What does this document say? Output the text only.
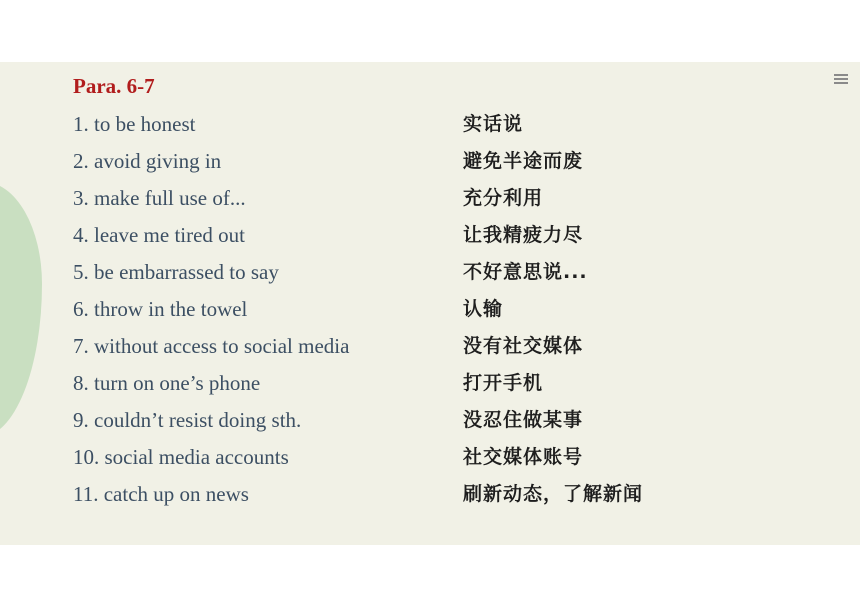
Para. 6-7
1. to be honest	实话说
2. avoid giving in	避免半途而废
3. make full use of...	充分利用
4. leave me tired out	让我精疲力尽
5. be embarrassed to say	不好意思说...
6. throw in the towel	认输
7. without access to social media	没有社交媒体
8. turn on one’s phone	打开手机
9. couldn’t resist doing sth.	没忍住做某事
10. social media accounts	社交媒体账号
11. catch up on news	刷新动态，了解新闻
